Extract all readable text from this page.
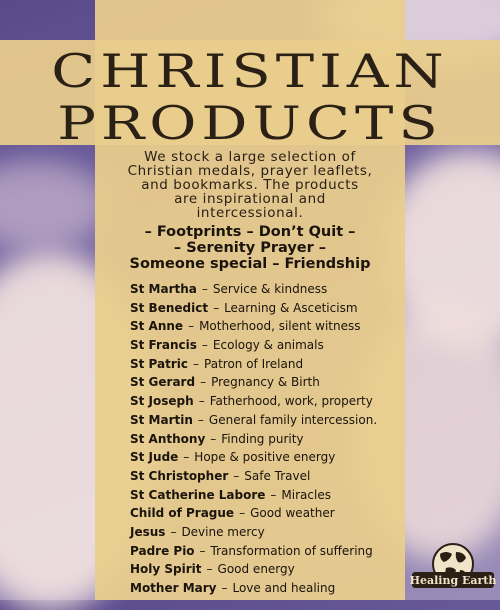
CHRISTIAN
PRODUCTS
We stock a large selection of
Christian medals, prayer leaflets,
and bookmarks. The products
are inspirational and
intercessional.
– Footprints – Don’t Quit –
– Serenity Prayer –
Someone special – Friendship
St Martha – Service & kindness
St Benedict – Learning & Asceticism
St Anne – Motherhood, silent witness
St Francis – Ecology & animals
St Patric – Patron of Ireland
St Gerard – Pregnancy & Birth
St Joseph – Fatherhood, work, property
St Martin – General family intercession.
St Anthony – Finding purity
St Jude – Hope & positive energy
St Christopher – Safe Travel
St Catherine Labore – Miracles
Child of Prague – Good weather
Jesus – Devine mercy
Padre Pio – Transformation of suffering
Holy Spirit – Good energy
Mother Mary – Love and healing
Healing Earth
